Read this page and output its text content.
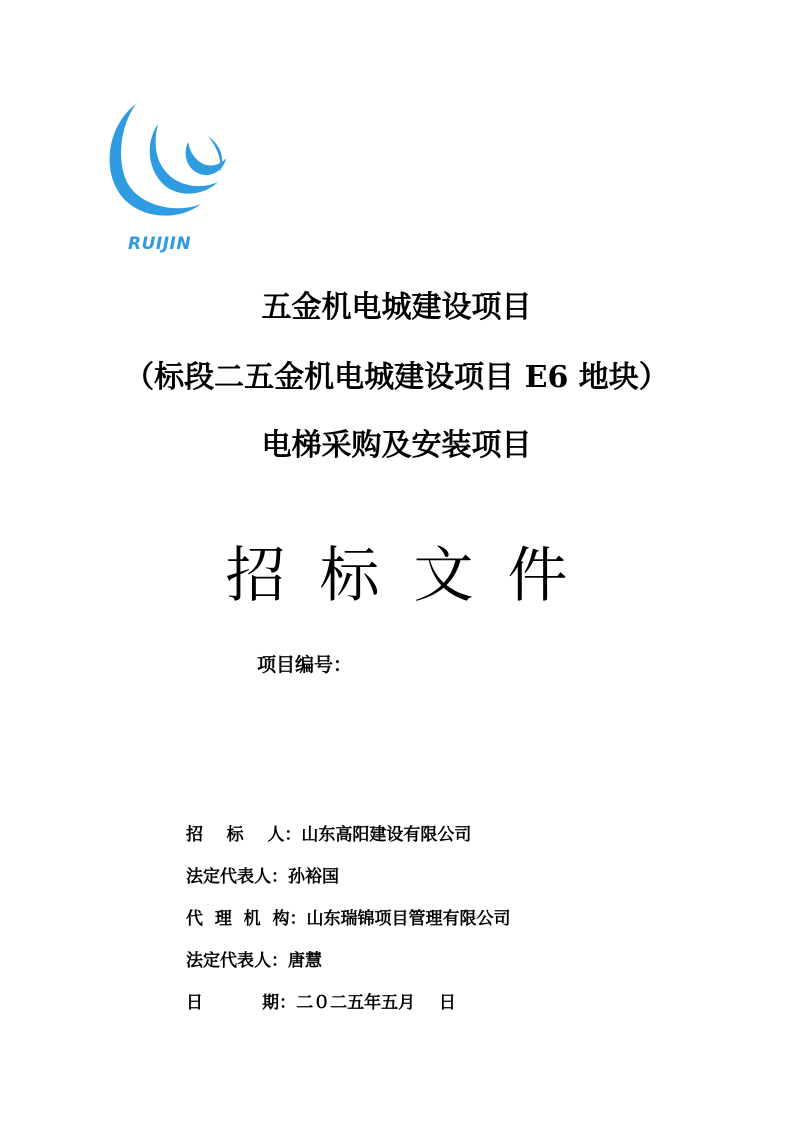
RUIJIN
五金机电城建设项目
（标段二五金机电城建设项目 E6 地块）
电梯采购及安装项目
招标文件
项目编号：
招    标    人：山东高阳建设有限公司
法定代表人：孙裕国
代  理  机  构：山东瑞锦项目管理有限公司
法定代表人：唐慧
日          期：二０二五年五月    日
